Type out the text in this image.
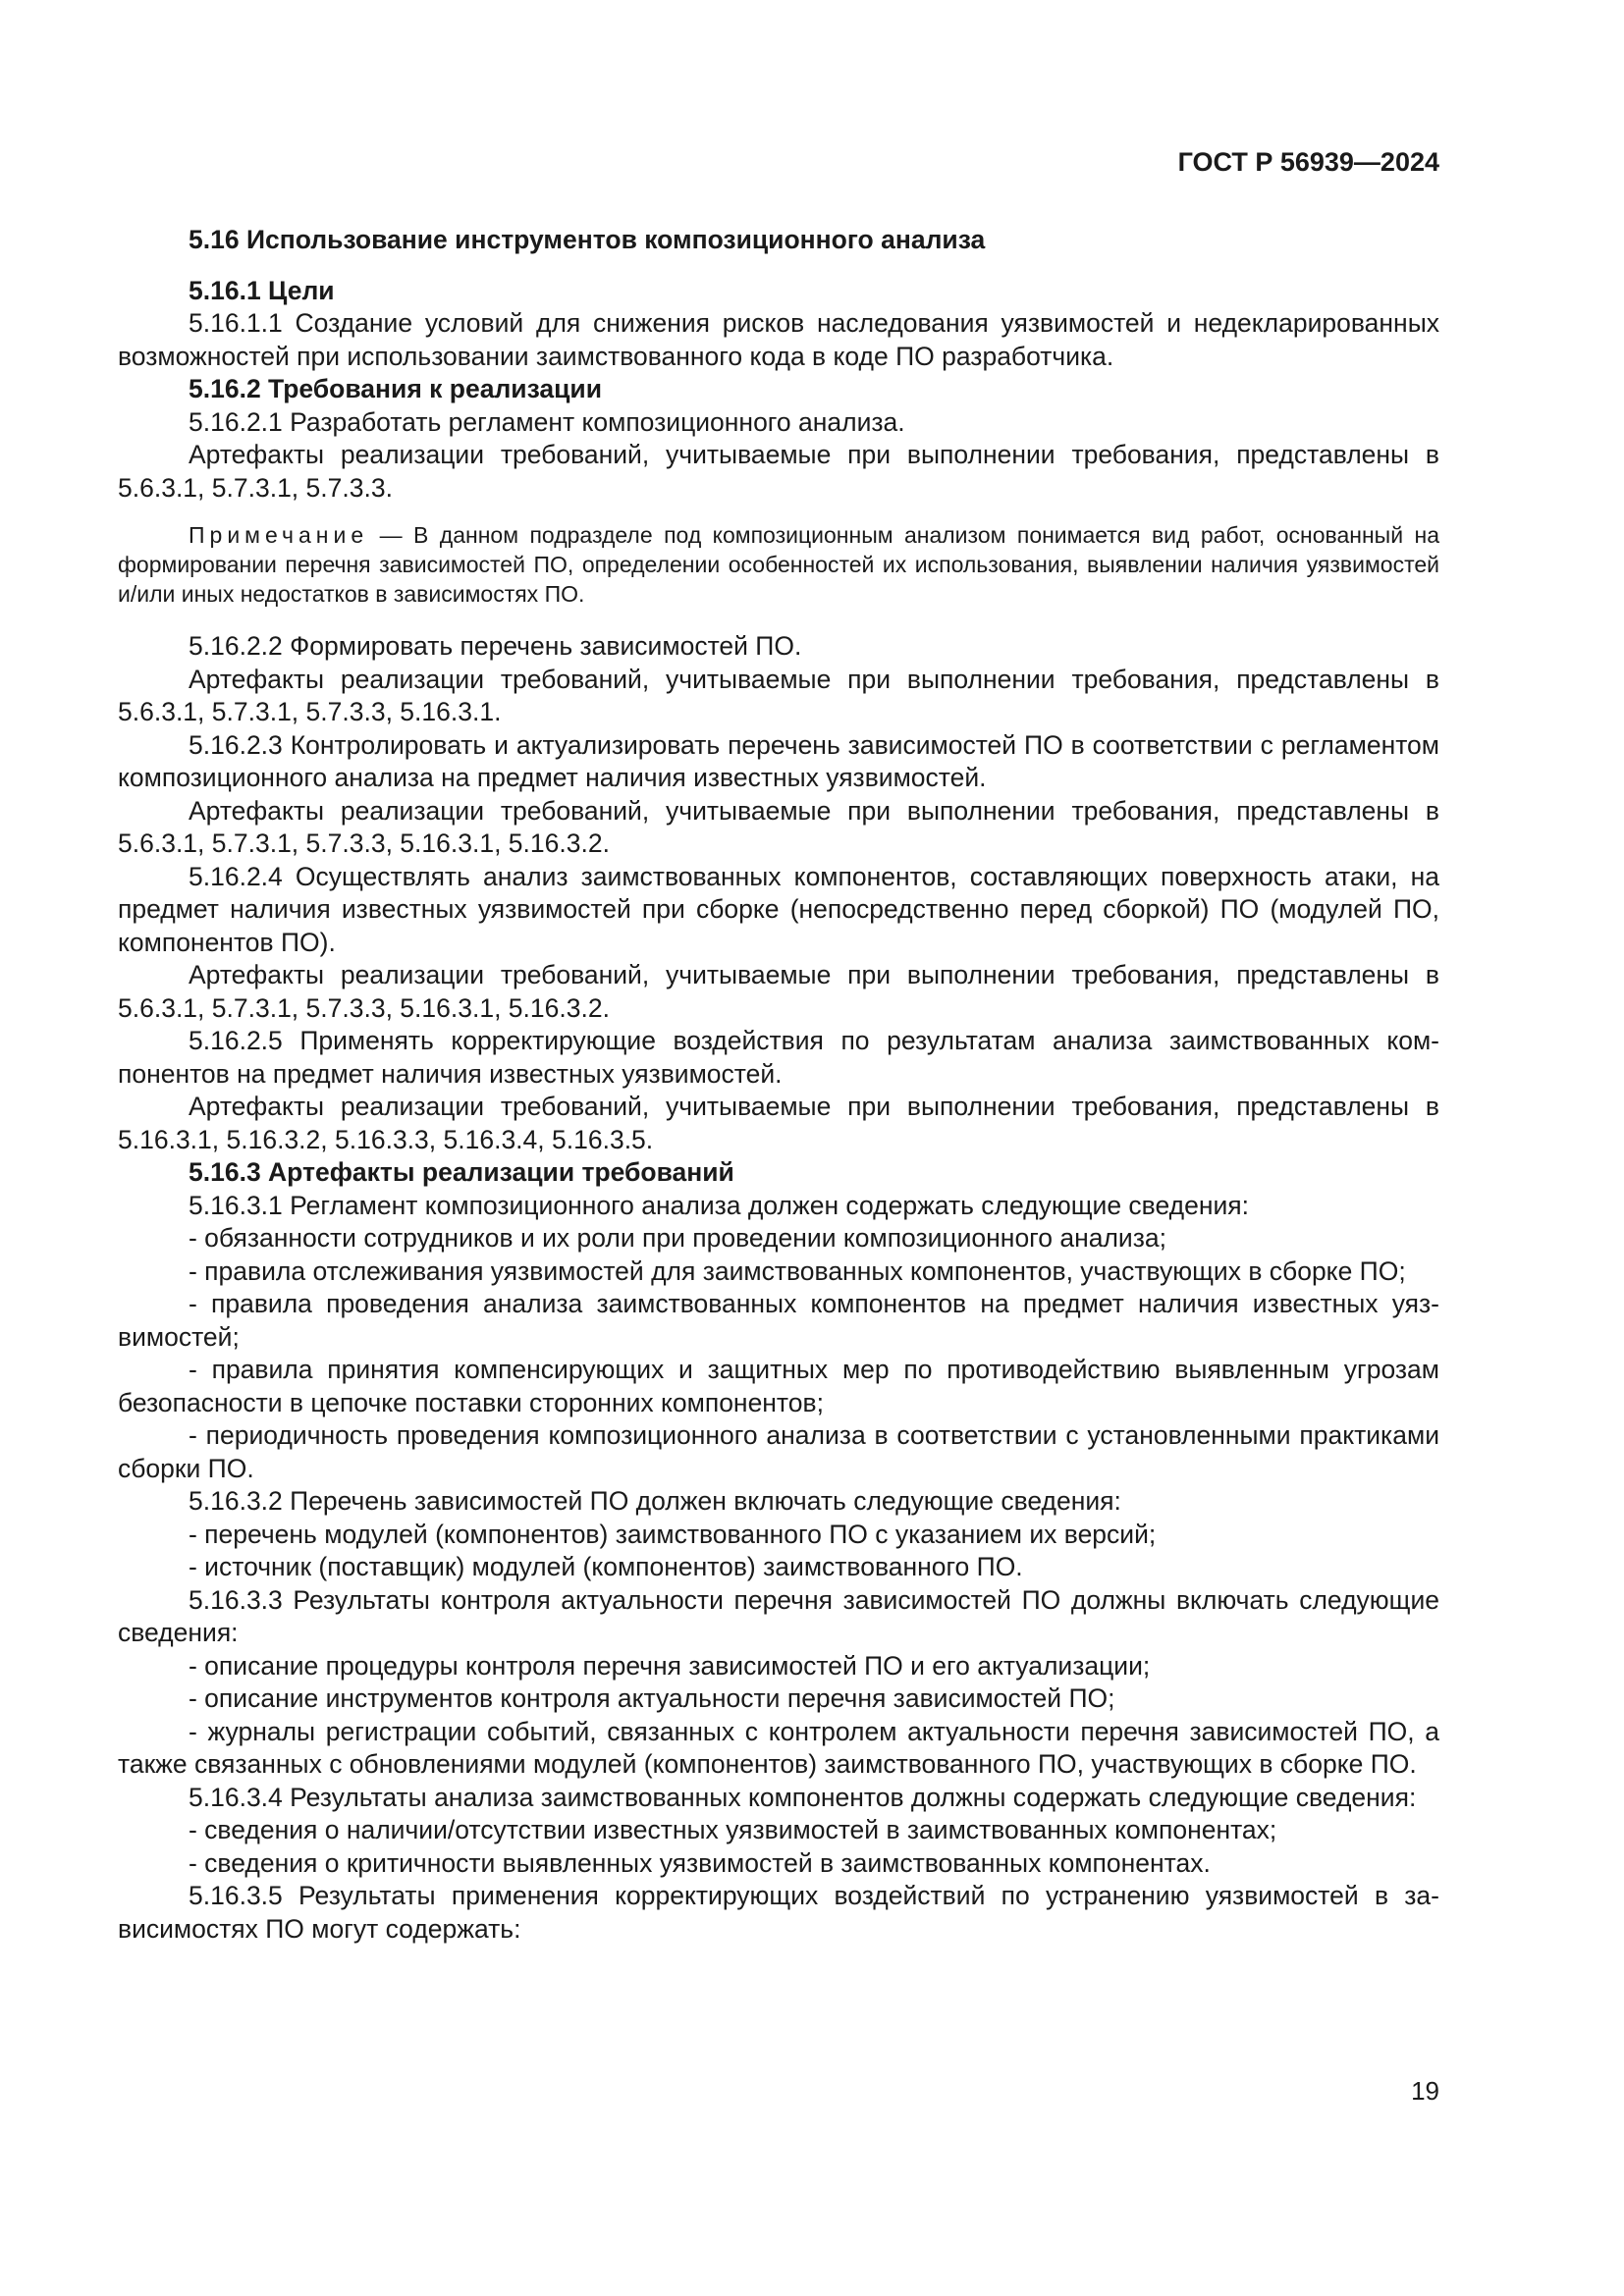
ГОСТ Р 56939—2024

5.16 Использование инструментов композиционного анализа

5.16.1 Цели

5.16.1.1 Создание условий для снижения рисков наследования уязвимостей и недекларированных возможностей при использовании заимствованного кода в коде ПО разработчика.

5.16.2 Требования к реализации

5.16.2.1 Разработать регламент композиционного анализа.

Артефакты реализации требований, учитываемые при выполнении требования, представлены в 5.6.3.1, 5.7.3.1, 5.7.3.3.

Примечание — В данном подразделе под композиционным анализом понимается вид работ, основанный на формировании перечня зависимостей ПО, определении особенностей их использования, выявлении наличия уязвимостей и/или иных недостатков в зависимостях ПО.

5.16.2.2 Формировать перечень зависимостей ПО.

Артефакты реализации требований, учитываемые при выполнении требования, представлены в 5.6.3.1, 5.7.3.1, 5.7.3.3, 5.16.3.1.

5.16.2.3 Контролировать и актуализировать перечень зависимостей ПО в соответствии с регламентом композиционного анализа на предмет наличия известных уязвимостей.

Артефакты реализации требований, учитываемые при выполнении требования, представлены в 5.6.3.1, 5.7.3.1, 5.7.3.3, 5.16.3.1, 5.16.3.2.

5.16.2.4 Осуществлять анализ заимствованных компонентов, составляющих поверхность атаки, на предмет наличия известных уязвимостей при сборке (непосредственно перед сборкой) ПО (модулей ПО, компонентов ПО).

Артефакты реализации требований, учитываемые при выполнении требования, представлены в 5.6.3.1, 5.7.3.1, 5.7.3.3, 5.16.3.1, 5.16.3.2.

5.16.2.5 Применять корректирующие воздействия по результатам анализа заимствованных компонентов на предмет наличия известных уязвимостей.

Артефакты реализации требований, учитываемые при выполнении требования, представлены в 5.16.3.1, 5.16.3.2, 5.16.3.3, 5.16.3.4, 5.16.3.5.

5.16.3 Артефакты реализации требований

5.16.3.1 Регламент композиционного анализа должен содержать следующие сведения:

- обязанности сотрудников и их роли при проведении композиционного анализа;

- правила отслеживания уязвимостей для заимствованных компонентов, участвующих в сборке ПО;

- правила проведения анализа заимствованных компонентов на предмет наличия известных уязвимостей;

- правила принятия компенсирующих и защитных мер по противодействию выявленным угрозам безопасности в цепочке поставки сторонних компонентов;

- периодичность проведения композиционного анализа в соответствии с установленными практиками сборки ПО.

5.16.3.2 Перечень зависимостей ПО должен включать следующие сведения:

- перечень модулей (компонентов) заимствованного ПО с указанием их версий;

- источник (поставщик) модулей (компонентов) заимствованного ПО.

5.16.3.3 Результаты контроля актуальности перечня зависимостей ПО должны включать следующие сведения:

- описание процедуры контроля перечня зависимостей ПО и его актуализации;

- описание инструментов контроля актуальности перечня зависимостей ПО;

- журналы регистрации событий, связанных с контролем актуальности перечня зависимостей ПО, а также связанных с обновлениями модулей (компонентов) заимствованного ПО, участвующих в сборке ПО.

5.16.3.4 Результаты анализа заимствованных компонентов должны содержать следующие сведения:

- сведения о наличии/отсутствии известных уязвимостей в заимствованных компонентах;

- сведения о критичности выявленных уязвимостей в заимствованных компонентах.

5.16.3.5 Результаты применения корректирующих воздействий по устранению уязвимостей в зависимостях ПО могут содержать:

19
